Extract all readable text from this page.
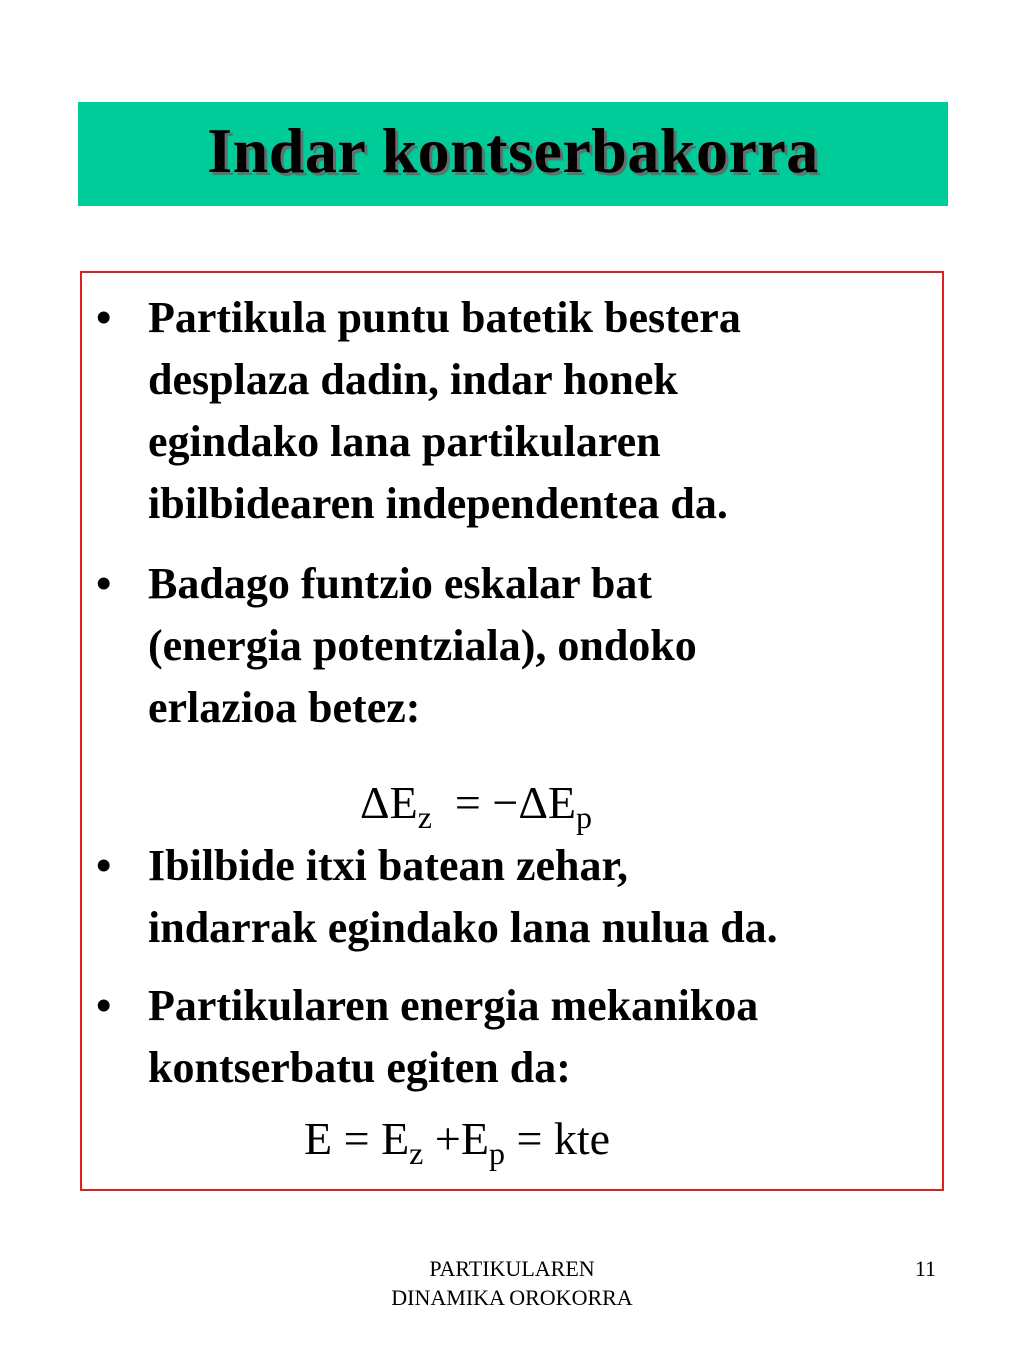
Indar kontserbakorra
• Partikula puntu batetik bestera
desplaza dadin, indar honek
egindako lana partikularen
ibilbidearen independentea da.
• Badago funtzio eskalar bat
(energia potentziala), ondoko
erlazioa betez:
$\Delta E_z = -\Delta E_p$
• Ibilbide itxi batean zehar,
indarrak egindako lana nulua da.
• Partikularen energia mekanikoa
kontserbatu egiten da:
$E = E_z +E_p$ = kte
PARTIKULAREN
DINAMIKA OROKORRA
11
